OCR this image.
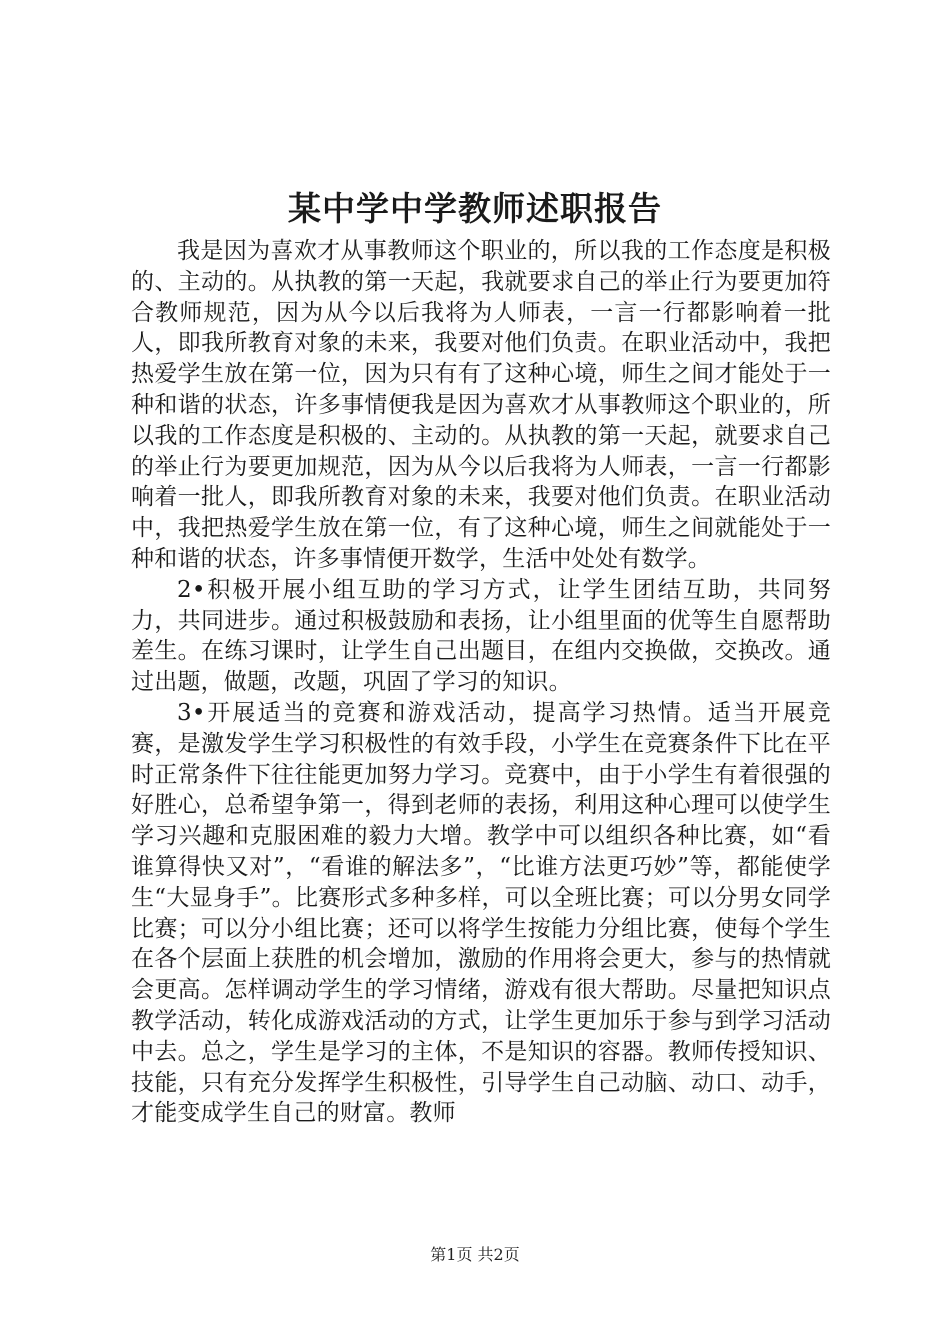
某中学中学教师述职报告

我是因为喜欢才从事教师这个职业的，所以我的工作态度是积极的、主动的。从执教的第一天起，我就要求自己的举止行为要更加符合教师规范，因为从今以后我将为人师表，一言一行都影响着一批人，即我所教育对象的未来，我要对他们负责。在职业活动中，我把热爱学生放在第一位，因为只有有了这种心境，师生之间才能处于一种和谐的状态，许多事情便我是因为喜欢才从事教师这个职业的，所以我的工作态度是积极的、主动的。从执教的第一天起，就要求自己的举止行为要更加规范，因为从今以后我将为人师表，一言一行都影响着一批人，即我所教育对象的未来，我要对他们负责。在职业活动中，我把热爱学生放在第一位，有了这种心境，师生之间就能处于一种和谐的状态，许多事情便开数学，生活中处处有数学。

2•积极开展小组互助的学习方式，让学生团结互助，共同努力，共同进步。通过积极鼓励和表扬，让小组里面的优等生自愿帮助差生。在练习课时，让学生自己出题目，在组内交换做，交换改。通过出题，做题，改题，巩固了学习的知识。

3•开展适当的竞赛和游戏活动，提高学习热情。适当开展竞赛，是激发学生学习积极性的有效手段，小学生在竞赛条件下比在平时正常条件下往往能更加努力学习。竞赛中，由于小学生有着很强的好胜心，总希望争第一，得到老师的表扬，利用这种心理可以使学生学习兴趣和克服困难的毅力大增。教学中可以组织各种比赛，如“看谁算得快又对”，“看谁的解法多”，“比谁方法更巧妙”等，都能使学生“大显身手”。比赛形式多种多样，可以全班比赛；可以分男女同学比赛；可以分小组比赛；还可以将学生按能力分组比赛，使每个学生在各个层面上获胜的机会增加，激励的作用将会更大，参与的热情就会更高。怎样调动学生的学习情绪，游戏有很大帮助。尽量把知识点教学活动，转化成游戏活动的方式，让学生更加乐于参与到学习活动中去。总之，学生是学习的主体，不是知识的容器。教师传授知识、技能，只有充分发挥学生积极性，引导学生自己动脑、动口、动手，才能变成学生自己的财富。教师

第1页 共2页
